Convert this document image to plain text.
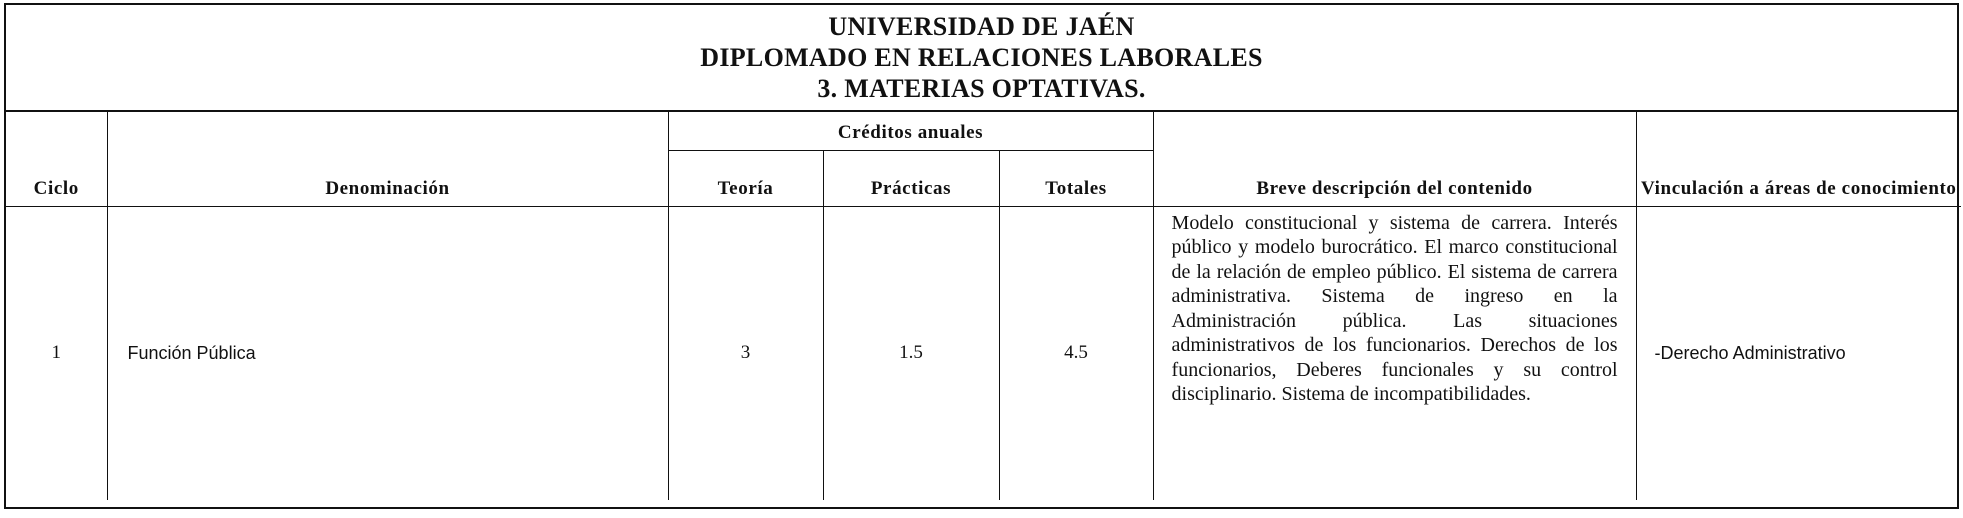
UNIVERSIDAD DE JAÉN
DIPLOMADO EN RELACIONES LABORALES
3. MATERIAS OPTATIVAS.
Ciclo	Denominación	Créditos anuales			Breve descripción del contenido	Vinculación a áreas de conocimiento
		Teoría	Prácticas	Totales		
1	Función Pública	3	1.5	4.5	Modelo constitucional y sistema de carrera. Interés público y modelo burocrático. El marco constitucional de la relación de empleo público. El sistema de carrera administrativa. Sistema de ingreso en la Administración pública. Las situaciones administrativos de los funcionarios. Derechos de los funcionarios, Deberes funcionales y su control disciplinario. Sistema de incompatibilidades.	-Derecho Administrativo
